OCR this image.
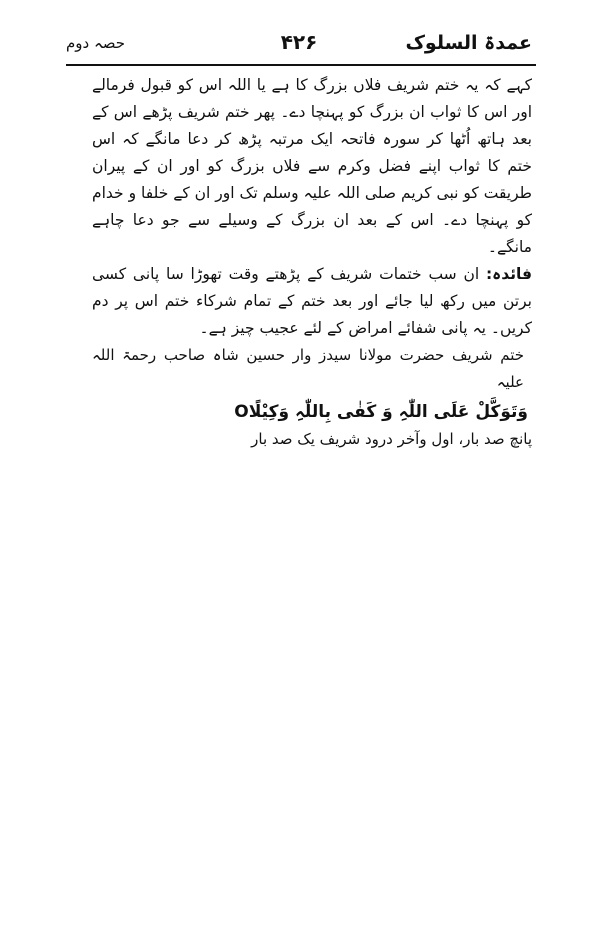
عمدۃ السلوک
۴۲۶
حصہ دوم

کہے کہ یہ ختم شریف فلاں بزرگ کا ہے یا اللہ اس کو قبول فرمالے اور اس کا ثواب ان بزرگ کو پہنچا دے۔ پھر ختم شریف پڑھے اس کے بعد ہاتھ اُٹھا کر سورہ فاتحہ ایک مرتبہ پڑھ کر دعا مانگے کہ اس ختم کا ثواب اپنے فضل وکرم سے فلاں بزرگ کو اور ان کے پیران طریقت کو نبی کریم صلی اللہ علیہ وسلم تک اور ان کے خلفا و خدام کو پہنچا دے۔ اس کے بعد ان بزرگ کے وسیلے سے جو دعا چاہے مانگے۔

فائدہ: ان سب ختمات شریف کے پڑھتے وقت تھوڑا سا پانی کسی برتن میں رکھ لیا جائے اور بعد ختم کے تمام شرکاء ختم اس پر دم کریں۔ یہ پانی شفائے امراض کے لئے عجیب چیز ہے۔

ختم شریف حضرت مولانا سیدز وار حسین شاہ صاحب رحمۃ اللہ علیہ

وَتَوَکَّلْ عَلَی اللّٰہِ وَ کَفٰی بِاللّٰہِ وَکِیْلًاO

پانچ صد بار، اول وآخر درود شریف یک صد بار
